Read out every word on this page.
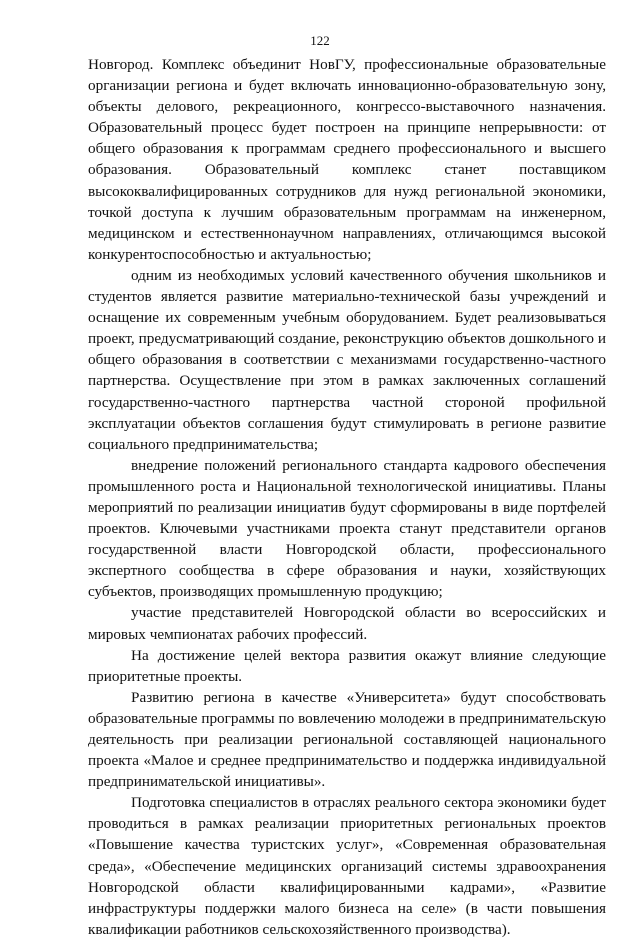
122

Новгород. Комплекс объединит НовГУ, профессиональные образовательные организации региона и будет включать инновационно-образовательную зону, объекты делового, рекреационного, конгрессо-выставочного назначения. Образовательный процесс будет построен на принципе непрерывности: от общего образования к программам среднего профессионального и высшего образования. Образовательный комплекс станет поставщиком высококвалифицированных сотрудников для нужд региональной экономики, точкой доступа к лучшим образовательным программам на инженерном, медицинском и естественнонаучном направлениях, отличающимся высокой конкурентоспособностью и актуальностью;

одним из необходимых условий качественного обучения школьников и студентов является развитие материально-технической базы учреждений и оснащение их современным учебным оборудованием. Будет реализовываться проект, предусматривающий создание, реконструкцию объектов дошкольного и общего образования в соответствии с механизмами государственно-частного партнерства. Осуществление при этом в рамках заключенных соглашений государственно-частного партнерства частной стороной профильной эксплуатации объектов соглашения будут стимулировать в регионе развитие социального предпринимательства;

внедрение положений регионального стандарта кадрового обеспечения промышленного роста и Национальной технологической инициативы. Планы мероприятий по реализации инициатив будут сформированы в виде портфелей проектов. Ключевыми участниками проекта станут представители органов государственной власти Новгородской области, профессионального экспертного сообщества в сфере образования и науки, хозяйствующих субъектов, производящих промышленную продукцию;

участие представителей Новгородской области во всероссийских и мировых чемпионатах рабочих профессий.

На достижение целей вектора развития окажут влияние следующие приоритетные проекты.

Развитию региона в качестве «Университета» будут способствовать образовательные программы по вовлечению молодежи в предпринимательскую деятельность при реализации региональной составляющей национального проекта «Малое и среднее предпринимательство и поддержка индивидуальной предпринимательской инициативы».

Подготовка специалистов в отраслях реального сектора экономики будет проводиться в рамках реализации приоритетных региональных проектов «Повышение качества туристских услуг», «Современная образовательная среда», «Обеспечение медицинских организаций системы здравоохранения Новгородской области квалифицированными кадрами», «Развитие инфраструктуры поддержки малого бизнеса на селе» (в части повышения квалификации работников сельскохозяйственного производства).
